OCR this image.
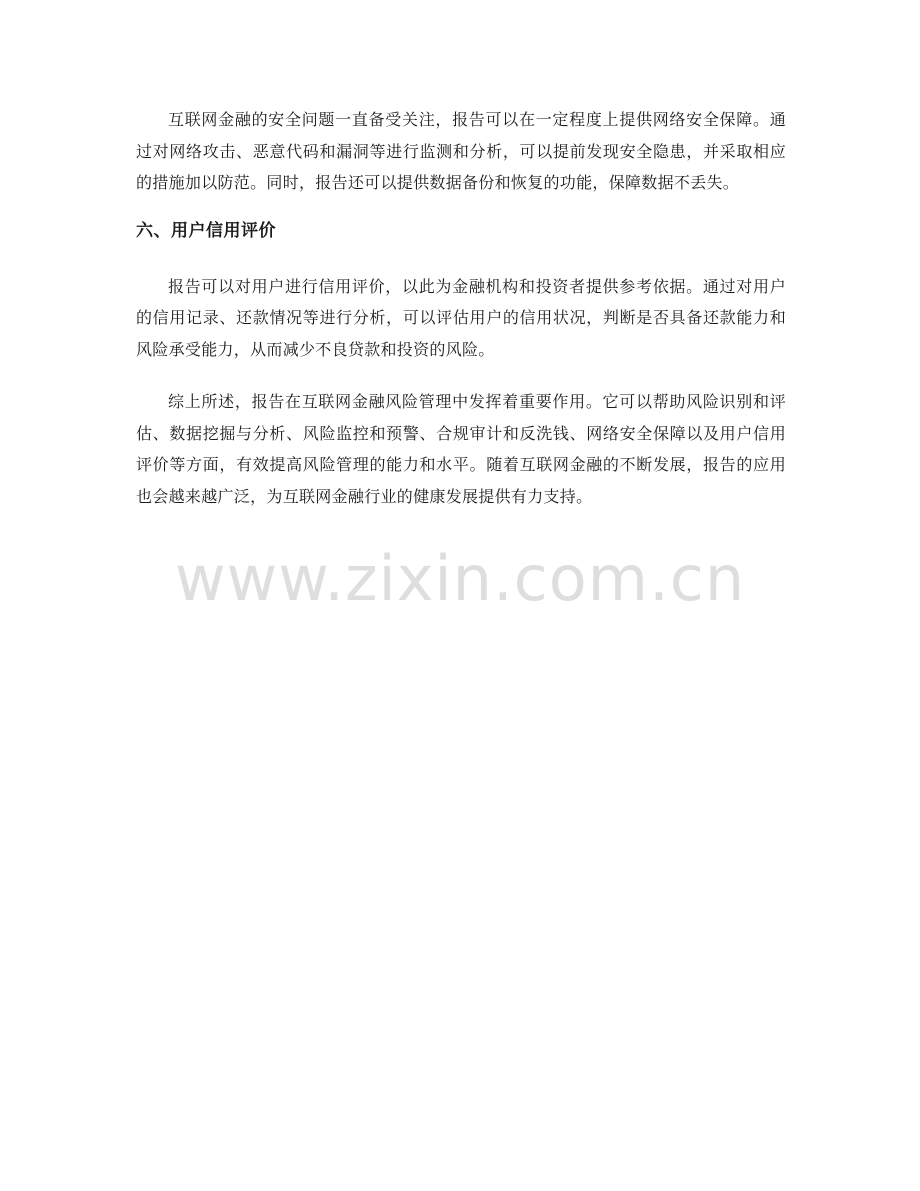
互联网金融的安全问题一直备受关注，报告可以在一定程度上提供网络安全保障。通过对网络攻击、恶意代码和漏洞等进行监测和分析，可以提前发现安全隐患，并采取相应的措施加以防范。同时，报告还可以提供数据备份和恢复的功能，保障数据不丢失。

六、用户信用评价

报告可以对用户进行信用评价，以此为金融机构和投资者提供参考依据。通过对用户的信用记录、还款情况等进行分析，可以评估用户的信用状况，判断是否具备还款能力和风险承受能力，从而减少不良贷款和投资的风险。

综上所述，报告在互联网金融风险管理中发挥着重要作用。它可以帮助风险识别和评估、数据挖掘与分析、风险监控和预警、合规审计和反洗钱、网络安全保障以及用户信用评价等方面，有效提高风险管理的能力和水平。随着互联网金融的不断发展，报告的应用也会越来越广泛，为互联网金融行业的健康发展提供有力支持。

www.zixin.com.cn
